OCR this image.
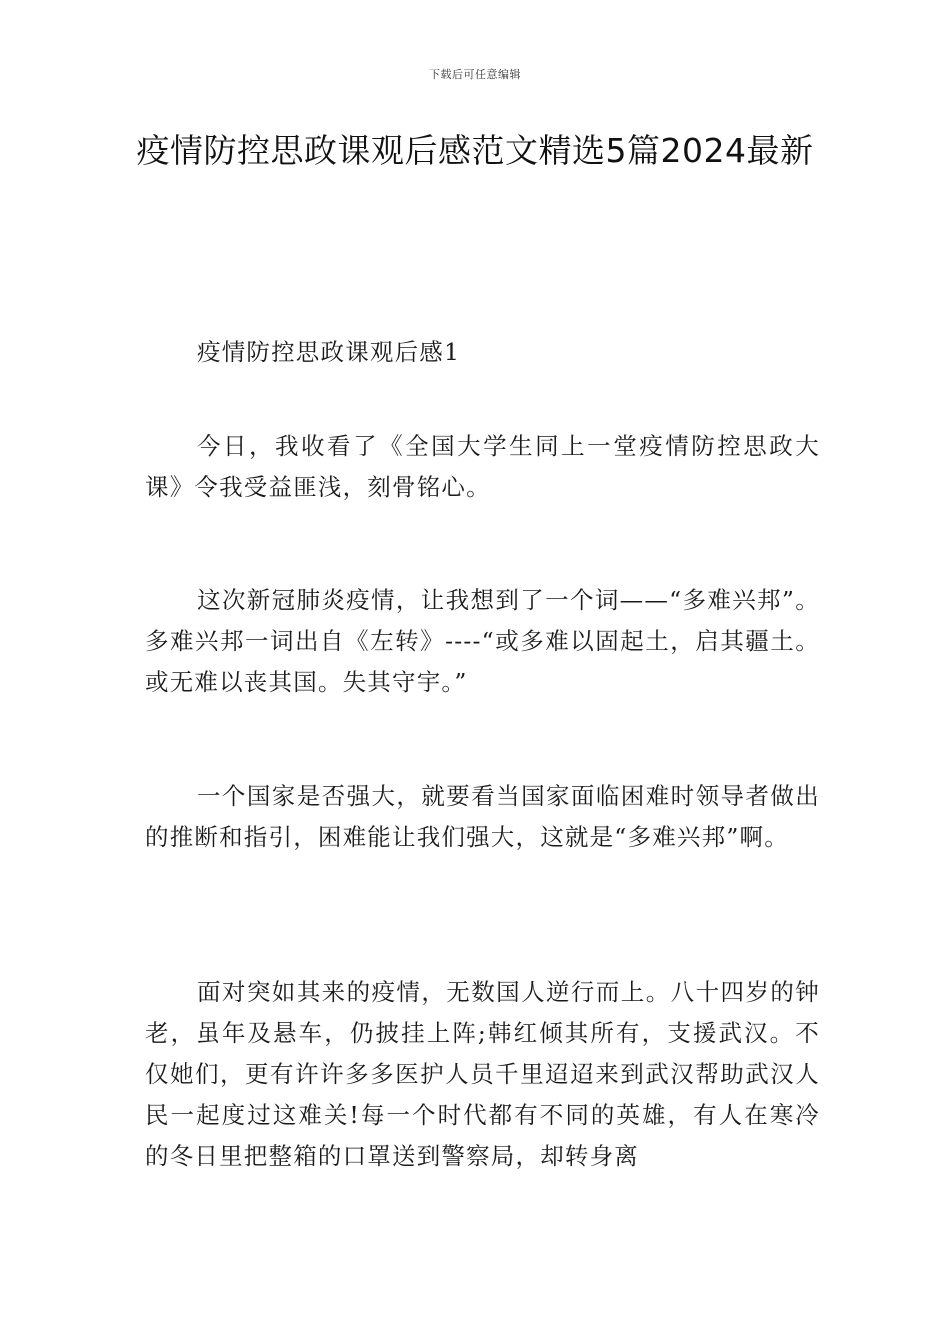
下载后可任意编辑
疫情防控思政课观后感范文精选5篇2024最新

疫情防控思政课观后感1

今日，我收看了《全国大学生同上一堂疫情防控思政大课》令我受益匪浅，刻骨铭心。

这次新冠肺炎疫情，让我想到了一个词——“多难兴邦”。多难兴邦一词出自《左转》----“或多难以固起土，启其疆土。或无难以丧其国。失其守宇。”

一个国家是否强大，就要看当国家面临困难时领导者做出的推断和指引，困难能让我们强大，这就是“多难兴邦”啊。

面对突如其来的疫情，无数国人逆行而上。八十四岁的钟老，虽年及悬车，仍披挂上阵;韩红倾其所有，支援武汉。不仅她们，更有许许多多医护人员千里迢迢来到武汉帮助武汉人民一起度过这难关!每一个时代都有不同的英雄，有人在寒冷的冬日里把整箱的口罩送到警察局，却转身离
